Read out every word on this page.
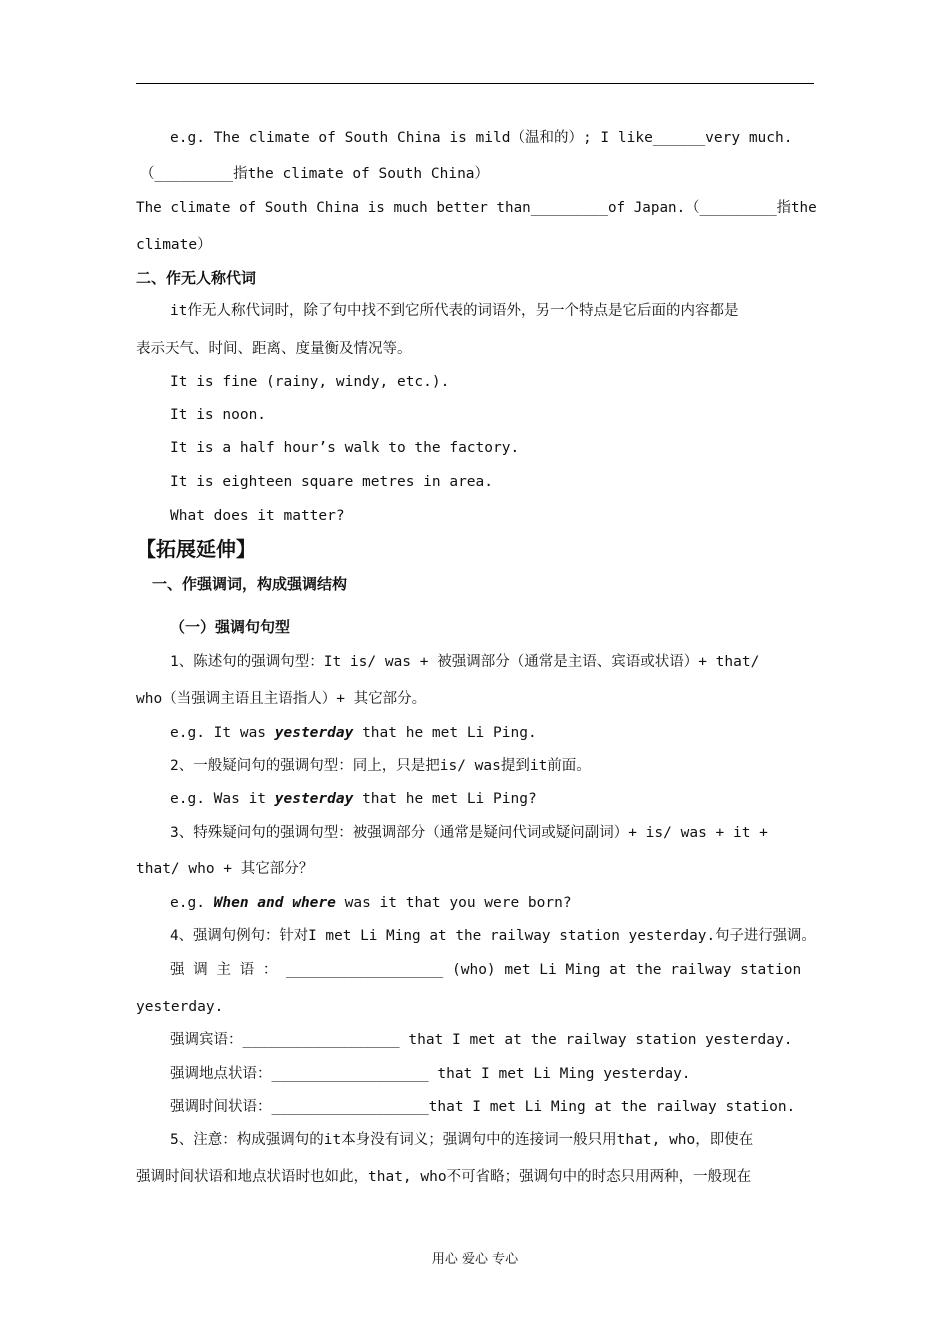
e.g. The climate of South China is mild（温和的）; I like______very much.
（_________指the climate of South China）
The climate of South China is much better than_________of Japan.（_________指the
climate）
二、作无人称代词
it作无人称代词时，除了句中找不到它所代表的词语外，另一个特点是它后面的内容都是
表示天气、时间、距离、度量衡及情况等。
It is fine (rainy, windy, etc.).
It is noon.
It is a half hour’s walk to the factory.
It is eighteen square metres in area.
What does it matter?
【拓展延伸】
一、作强调词，构成强调结构
（一）强调句句型
1、陈述句的强调句型：It is/ was + 被强调部分（通常是主语、宾语或状语）+ that/
who（当强调主语且主语指人）+ 其它部分。
e.g. It was yesterday that he met Li Ping.
2、一般疑问句的强调句型：同上，只是把is/ was提到it前面。
e.g. Was it yesterday that he met Li Ping?
3、特殊疑问句的强调句型：被强调部分（通常是疑问代词或疑问副词）+ is/ was + it +
that/ who + 其它部分？
e.g. When and where was it that you were born?
4、强调句例句：针对I met Li Ming at the railway station yesterday.句子进行强调。
强 调 主 语 ： __________________ (who) met Li Ming at the railway station
yesterday.
强调宾语：__________________ that I met at the railway station yesterday.
强调地点状语：__________________ that I met Li Ming yesterday.
强调时间状语：__________________that I met Li Ming at the railway station.
5、注意：构成强调句的it本身没有词义；强调句中的连接词一般只用that, who，即使在
强调时间状语和地点状语时也如此，that, who不可省略；强调句中的时态只用两种，一般现在
用心 爱心 专心
